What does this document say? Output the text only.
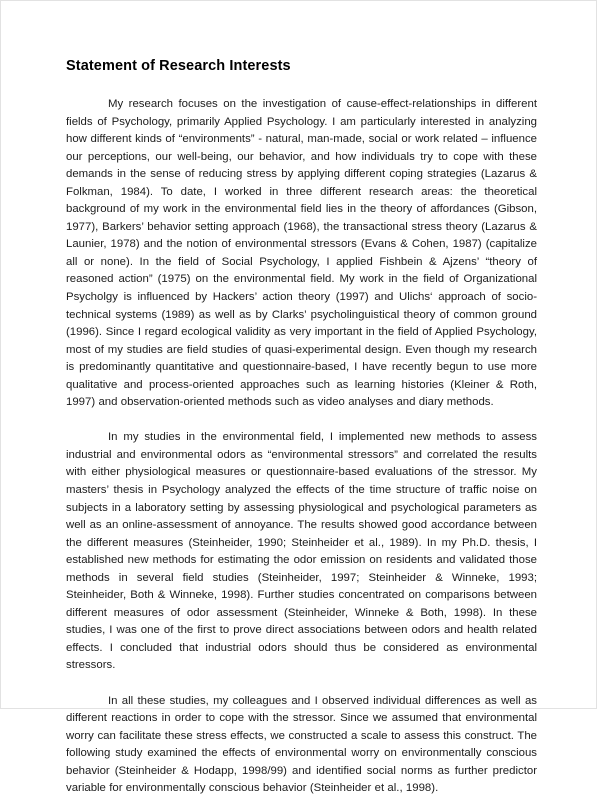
Statement of Research Interests

My research focuses on the investigation of cause-effect-relationships in different fields of Psychology, primarily Applied Psychology. I am particularly interested in analyzing how different kinds of “environments” - natural, man-made, social or work related – influence our perceptions, our well-being, our behavior, and how individuals try to cope with these demands in the sense of reducing stress by applying different coping strategies (Lazarus & Folkman, 1984). To date, I worked in three different research areas: the theoretical background of my work in the environmental field lies in the theory of affordances (Gibson, 1977), Barkers’ behavior setting approach (1968), the transactional stress theory (Lazarus & Launier, 1978) and the notion of environmental stressors (Evans & Cohen, 1987) (capitalize all or none). In the field of Social Psychology, I applied Fishbein & Ajzens’ “theory of reasoned action” (1975) on the environmental field. My work in the field of Organizational Psycholgy is influenced by Hackers’ action theory (1997) and Ulichs‘ approach of socio-technical systems (1989) as well as by Clarks’ psycholinguistical theory of common ground (1996). Since I regard ecological validity as very important in the field of Applied Psychology, most of my studies are field studies of quasi-experimental design. Even though my research is predominantly quantitative and questionnaire-based, I have recently begun to use more qualitative and process-oriented approaches such as learning histories (Kleiner & Roth, 1997) and observation-oriented methods such as video analyses and diary methods.

In my studies in the environmental field, I implemented new methods to assess industrial and environmental odors as “environmental stressors” and correlated the results with either physiological measures or questionnaire-based evaluations of the stressor. My masters’ thesis in Psychology analyzed the effects of the time structure of traffic noise on subjects in a laboratory setting by assessing physiological and psychological parameters as well as an online-assessment of annoyance. The results showed good accordance between the different measures (Steinheider, 1990; Steinheider et al., 1989). In my Ph.D. thesis, I established new methods for estimating the odor emission on residents and validated those methods in several field studies (Steinheider, 1997; Steinheider & Winneke, 1993; Steinheider, Both & Winneke, 1998). Further studies concentrated on comparisons between different measures of odor assessment (Steinheider, Winneke & Both, 1998). In these studies, I was one of the first to prove direct associations between odors and health related effects. I concluded that industrial odors should thus be considered as environmental stressors.

In all these studies, my colleagues and I observed individual differences as well as different reactions in order to cope with the stressor. Since we assumed that environmental worry can facilitate these stress effects, we constructed a scale to assess this construct. The following study examined the effects of environmental worry on environmentally conscious behavior (Steinheider & Hodapp, 1998/99) and identified social norms as further predictor variable for environmentally conscious behavior (Steinheider et al., 1998).
